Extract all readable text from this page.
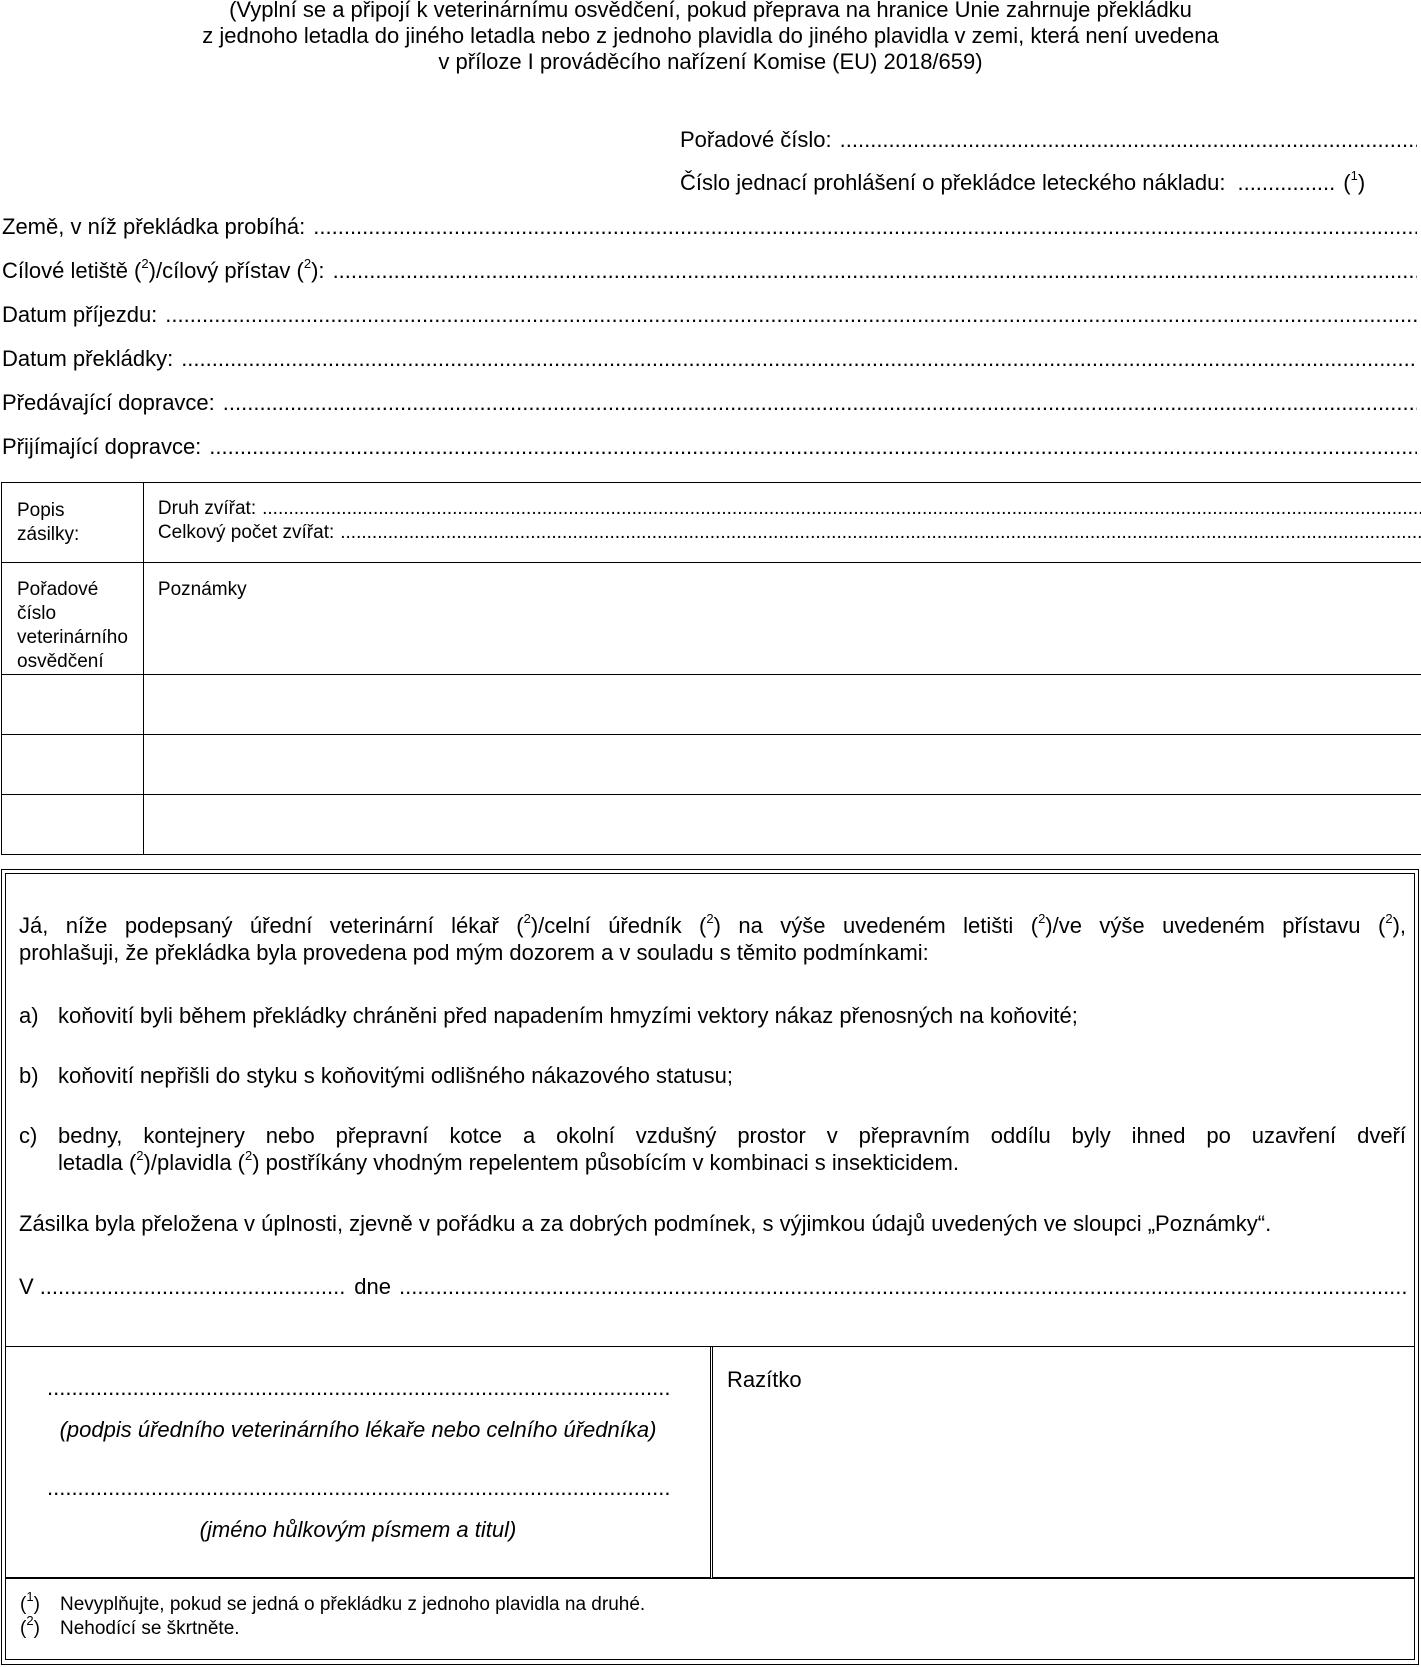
(Vyplní se a připojí k veterinárnímu osvědčení, pokud přeprava na hranice Unie zahrnuje překládku
z jednoho letadla do jiného letadla nebo z jednoho plavidla do jiného plavidla v zemi, která není uvedena
v příloze I prováděcího nařízení Komise (EU) 2018/659)
Pořadové číslo:
.....
Číslo jednací prohlášení o překládce leteckého nákladu: ................ ($^1$)
Země, v níž překládka probíhá:
.....
Cílové letiště ($^2$)/cílový přístav ($^2$):
.....
Datum příjezdu:
.....
Datum překládky:
.....
Předávající dopravce:
.....
Přijímající dopravce:
.....
Popis zásilky:	Druh zvířat:
.....
Celkový počet zvířat:
.....

Pořadové číslo veterinárního
osvědčení	Poznámky

Já, níže podepsaný úřední veterinární lékař ($^2$)/celní úředník ($^2$) na výše uvedeném letišti ($^2$)/ve výše uvedeném přístavu ($^2$),
prohlašuji, že překládka byla provedena pod mým dozorem a v souladu s těmito podmínkami:
a) koňovití byli během překládky chráněni před napadením hmyzími vektory nákaz přenosných na koňovité;
b) koňovití nepřišli do styku s koňovitými odlišného nákazového statusu;
c) bedny, kontejnery nebo přepravní kotce a okolní vzdušný prostor v přepravním oddílu byly ihned po uzavření dveří
letadla ($^2$)/plavidla ($^2$) postříkány vhodným repelentem působícím v kombinaci s insekticidem.
Zásilka byla přeložena v úplnosti, zjevně v pořádku a za dobrých podmínek, s výjimkou údajů uvedených ve sloupci „Poznámky“.
V .....	dne
.....
.....
(podpis úředního veterinárního lékaře nebo celního úředníka)
.....
(jméno hůlkovým písmem a titul)
Razítko
($^1$)	Nevyplňujte, pokud se jedná o překládku z jednoho plavidla na druhé.
($^2$)	Nehodící se škrtněte.
